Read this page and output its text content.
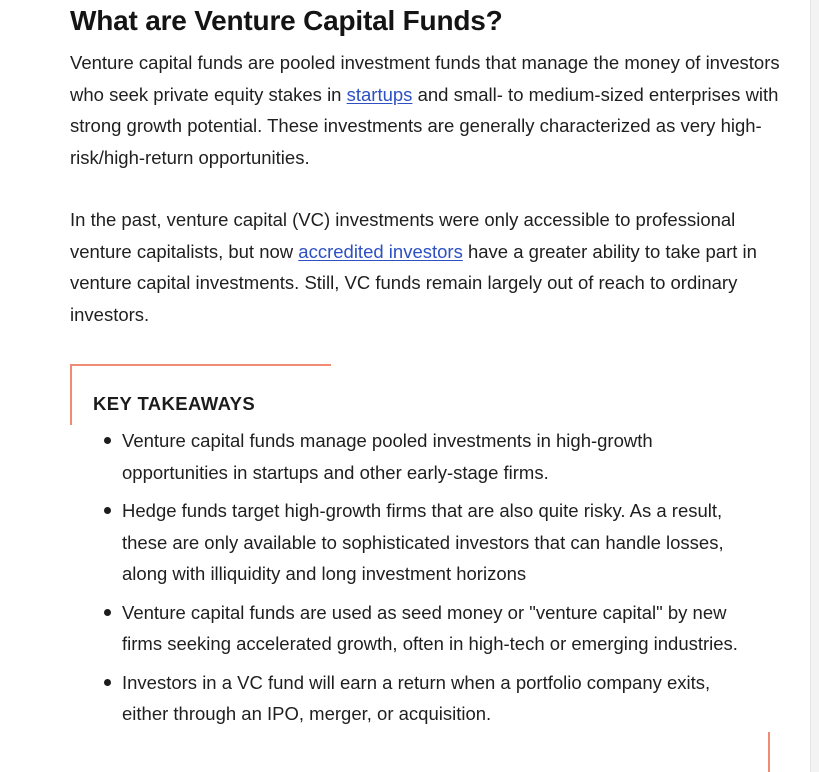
What are Venture Capital Funds?

Venture capital funds are pooled investment funds that manage the money of investors who seek private equity stakes in startups and small- to medium-sized enterprises with strong growth potential. These investments are generally characterized as very high-risk/high-return opportunities.

In the past, venture capital (VC) investments were only accessible to professional venture capitalists, but now accredited investors have a greater ability to take part in venture capital investments. Still, VC funds remain largely out of reach to ordinary investors.

KEY TAKEAWAYS
Venture capital funds manage pooled investments in high-growth opportunities in startups and other early-stage firms.
Hedge funds target high-growth firms that are also quite risky. As a result, these are only available to sophisticated investors that can handle losses, along with illiquidity and long investment horizons
Venture capital funds are used as seed money or "venture capital" by new firms seeking accelerated growth, often in high-tech or emerging industries.
Investors in a VC fund will earn a return when a portfolio company exits, either through an IPO, merger, or acquisition.
